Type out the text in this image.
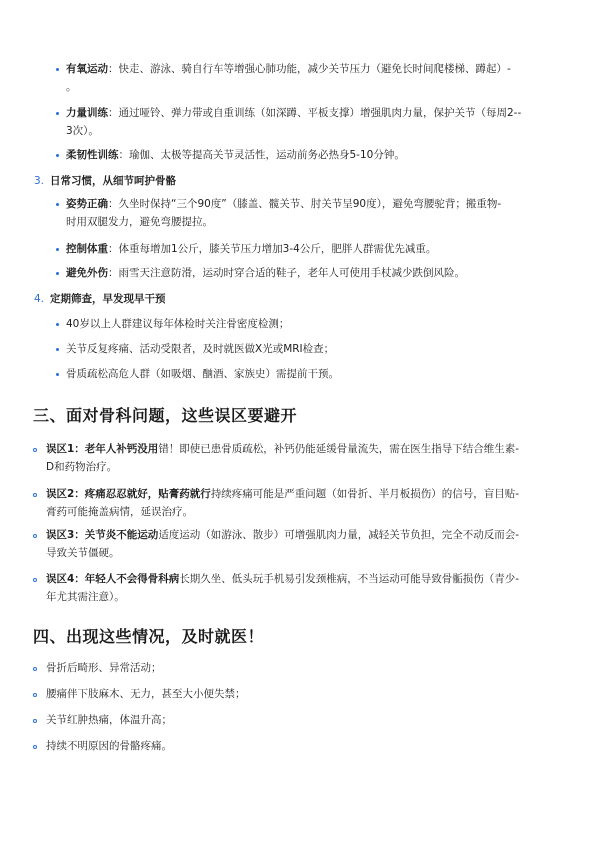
有氧运动：快走、游泳、骑自行车等增强心肺功能，减少关节压力（避免长时间爬楼梯、蹲起）-
。
力量训练：通过哑铃、弹力带或自重训练（如深蹲、平板支撑）增强肌肉力量，保护关节（每周2--
3次）。
柔韧性训练：瑜伽、太极等提高关节灵活性，运动前务必热身5-10分钟。
3. 日常习惯，从细节呵护骨骼
姿势正确：久坐时保持“三个90度”（膝盖、髋关节、肘关节呈90度），避免弯腰驼背；搬重物-
时用双腿发力，避免弯腰提拉。
控制体重：体重每增加1公斤，膝关节压力增加3-4公斤，肥胖人群需优先减重。
避免外伤：雨雪天注意防滑，运动时穿合适的鞋子，老年人可使用手杖减少跌倒风险。
4. 定期筛查，早发现早干预
40岁以上人群建议每年体检时关注骨密度检测；
关节反复疼痛、活动受限者，及时就医做X光或MRI检查；
骨质疏松高危人群（如吸烟、酗酒、家族史）需提前干预。
三、面对骨科问题，这些误区要避开
误区1：老年人补钙没用错！即使已患骨质疏松，补钙仍能延缓骨量流失，需在医生指导下结合维生素-
D和药物治疗。
误区2：疼痛忍忍就好，贴膏药就行持续疼痛可能是严重问题（如骨折、半月板损伤）的信号，盲目贴-
膏药可能掩盖病情，延误治疗。
误区3：关节炎不能运动适度运动（如游泳、散步）可增强肌肉力量，减轻关节负担，完全不动反而会-
导致关节僵硬。
误区4：年轻人不会得骨科病长期久坐、低头玩手机易引发颈椎病，不当运动可能导致骨骺损伤（青少-
年尤其需注意）。
四、出现这些情况，及时就医！
骨折后畸形、异常活动；
腰痛伴下肢麻木、无力，甚至大小便失禁；
关节红肿热痛，体温升高；
持续不明原因的骨骼疼痛。
